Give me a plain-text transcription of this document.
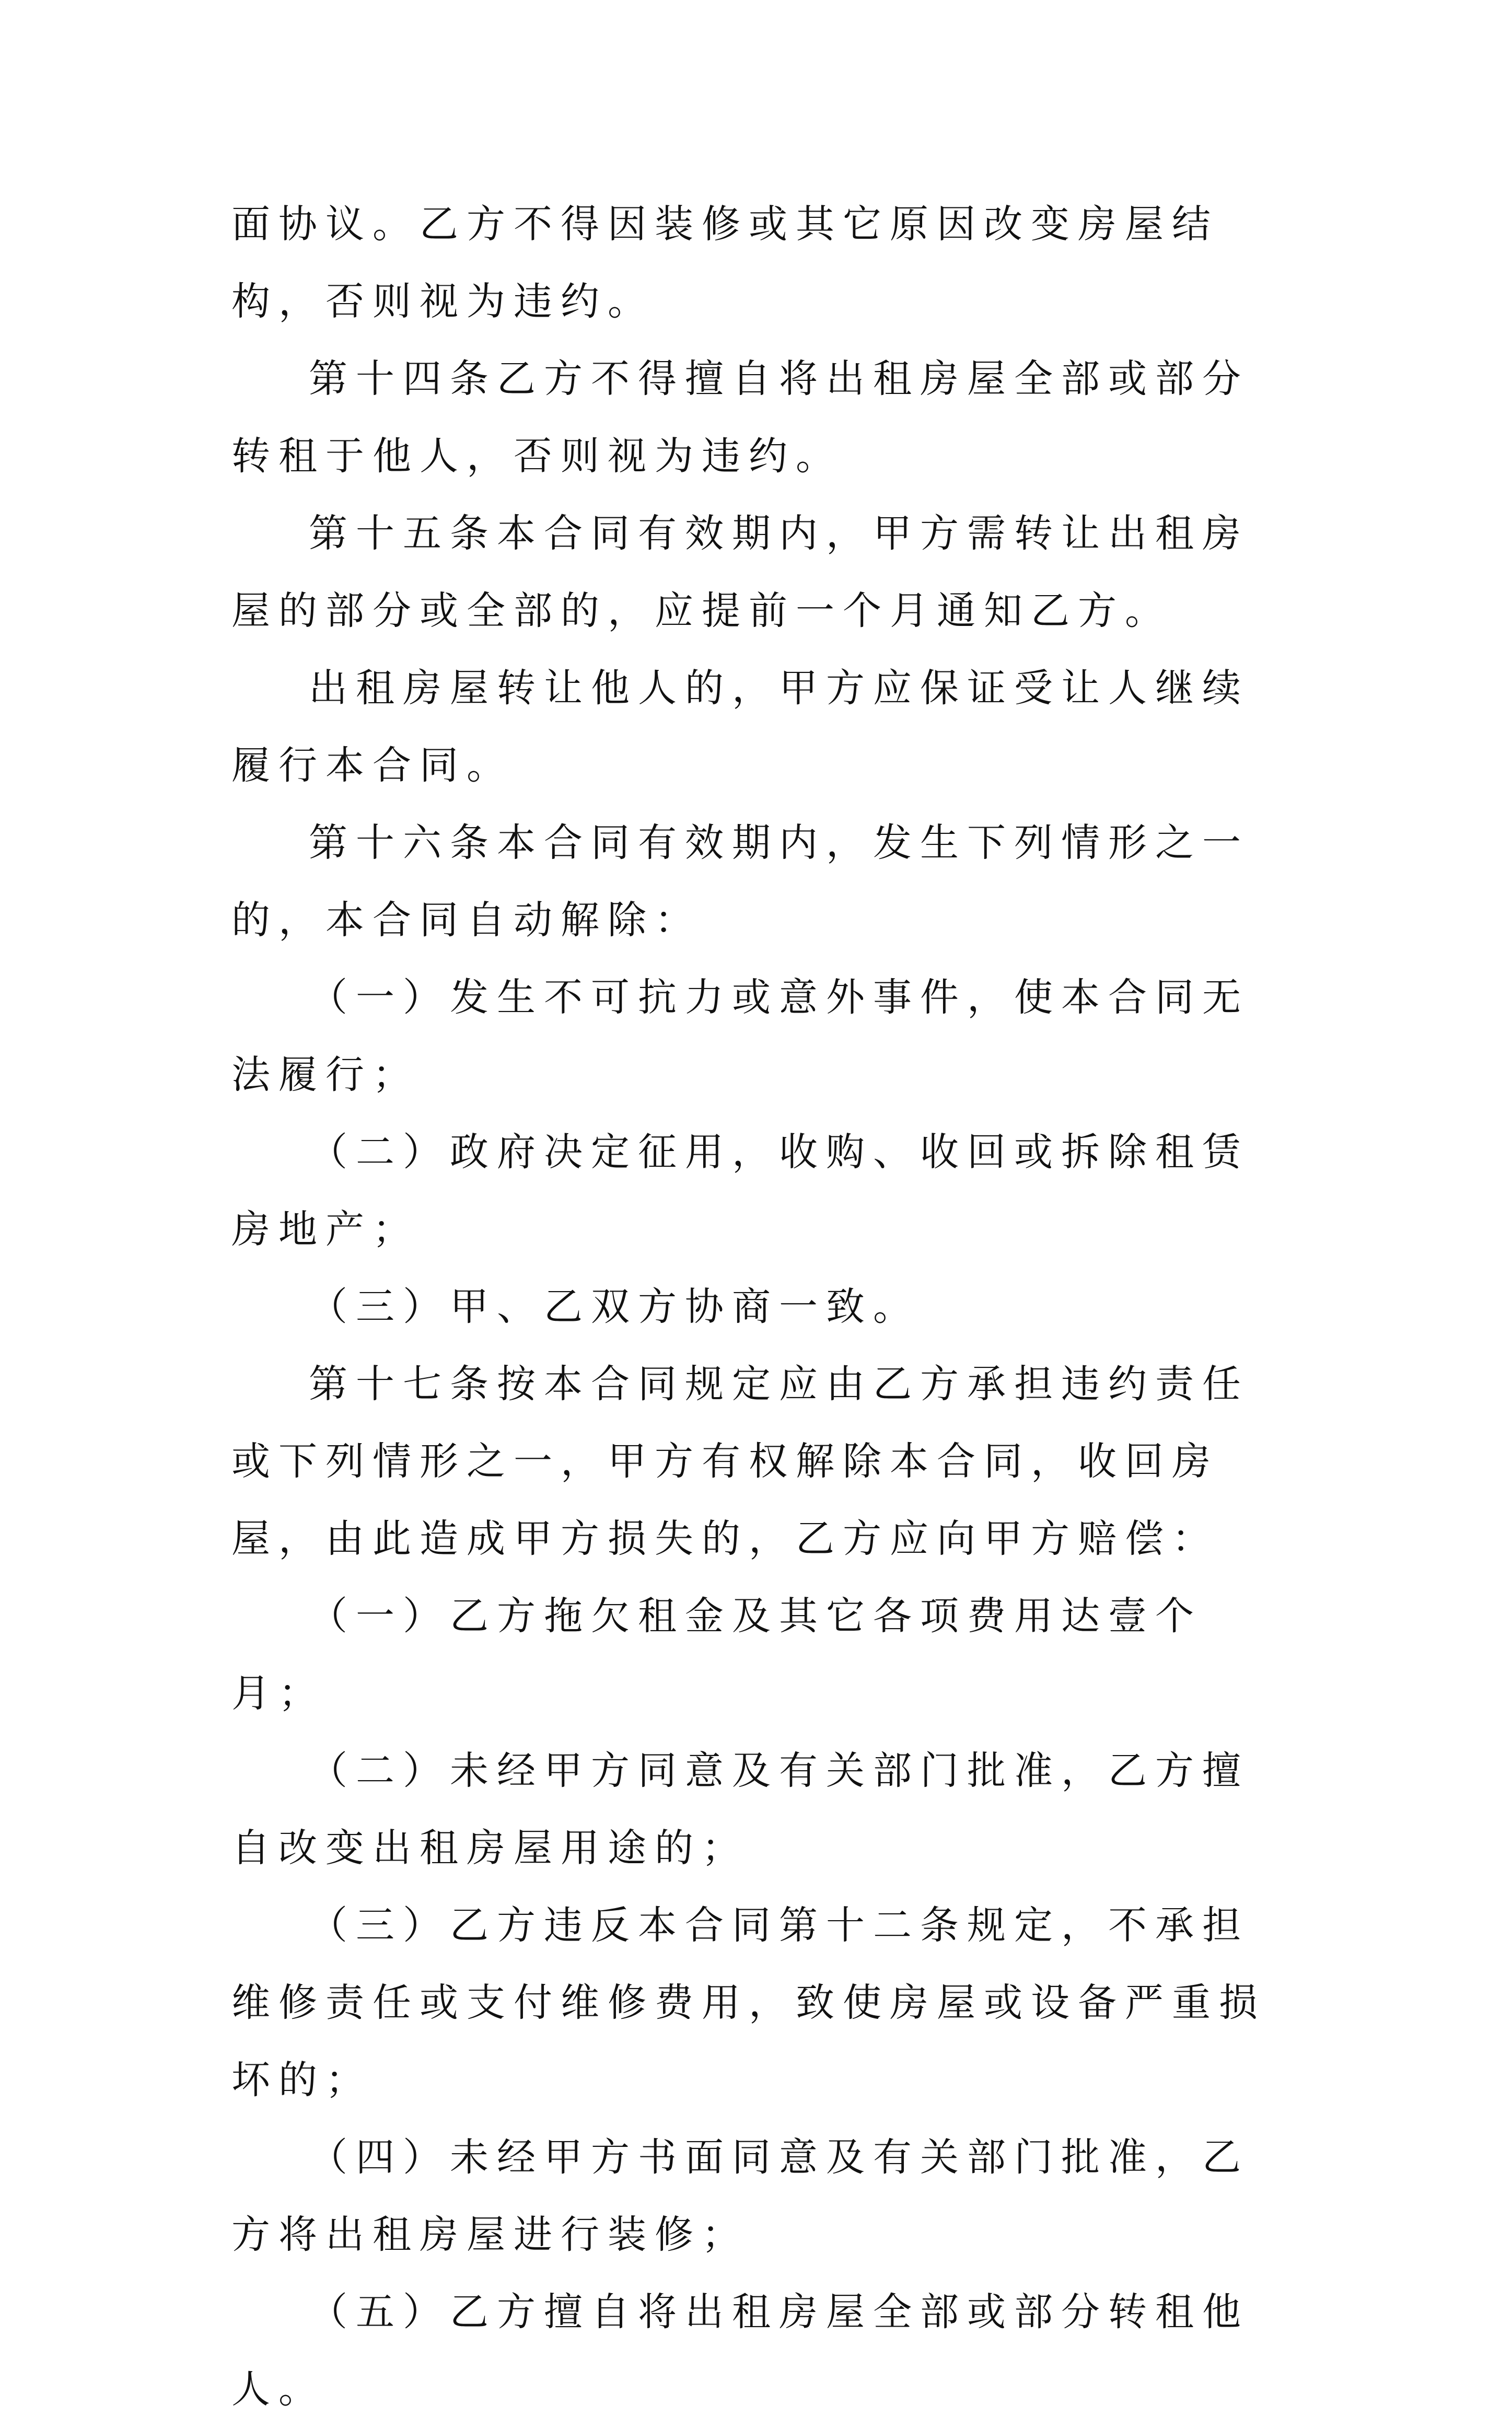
面协议。乙方不得因装修或其它原因改变房屋结构，否则视为违约。

第十四条乙方不得擅自将出租房屋全部或部分转租于他人，否则视为违约。

第十五条本合同有效期内，甲方需转让出租房屋的部分或全部的，应提前一个月通知乙方。

出租房屋转让他人的，甲方应保证受让人继续履行本合同。

第十六条本合同有效期内，发生下列情形之一的，本合同自动解除：

（一）发生不可抗力或意外事件，使本合同无法履行；

（二）政府决定征用，收购、收回或拆除租赁房地产；

（三）甲、乙双方协商一致。

第十七条按本合同规定应由乙方承担违约责任或下列情形之一，甲方有权解除本合同，收回房屋，由此造成甲方损失的，乙方应向甲方赔偿：

（一）乙方拖欠租金及其它各项费用达壹个月；

（二）未经甲方同意及有关部门批准，乙方擅自改变出租房屋用途的；

（三）乙方违反本合同第十二条规定，不承担维修责任或支付维修费用，致使房屋或设备严重损坏的；

（四）未经甲方书面同意及有关部门批准，乙方将出租房屋进行装修；

（五）乙方擅自将出租房屋全部或部分转租他人。
